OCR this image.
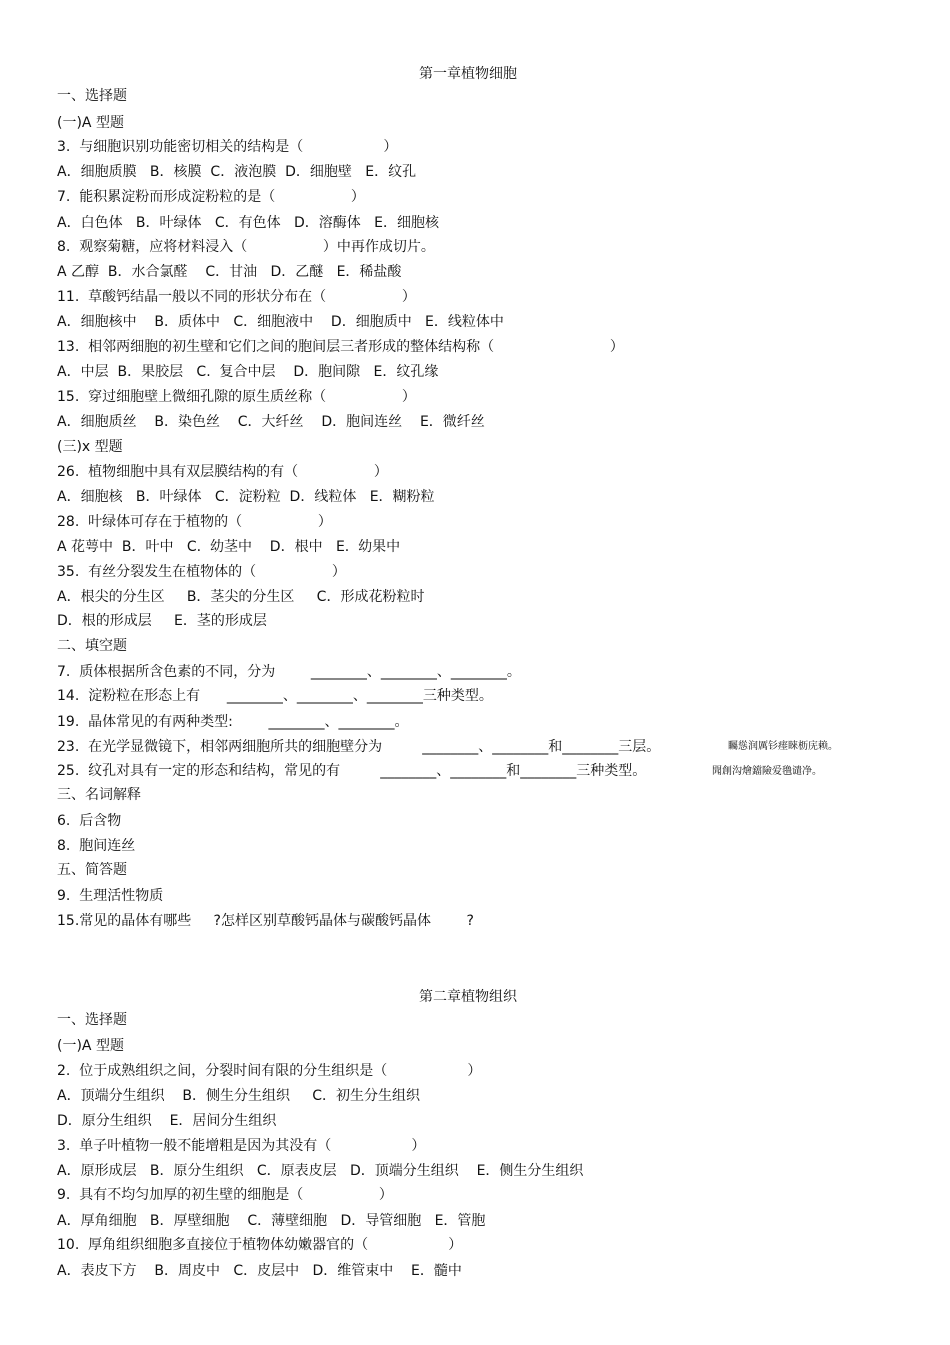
第一章植物细胞
一、选择题
(一)A 型题
3.  与细胞识别功能密切相关的结构是（                  ）
A．细胞质膜   B．核膜  C．液泡膜  D．细胞壁   E．纹孔
7.  能积累淀粉而形成淀粉粒的是（                 ）
A．白色体   B．叶绿体   C．有色体   D．溶酶体   E．细胞核
8.  观察菊糖，应将材料浸入（                 ）中再作成切片。
A 乙醇  B．水合氯醛    C．甘油   D．乙醚   E．稀盐酸
11.  草酸钙结晶一般以不同的形状分布在（                 ）
A．细胞核中    B．质体中   C．细胞液中    D．细胞质中   E．线粒体中
13.  相邻两细胞的初生壁和它们之间的胞间层三者形成的整体结构称（                          ）
A．中层  B．果胶层   C.  复合中层    D．胞间隙   E．纹孔缘
15.  穿过细胞壁上微细孔隙的原生质丝称（                 ）
A．细胞质丝    B．染色丝    C．大纤丝    D．胞间连丝    E．微纤丝
(三)x 型题
26.  植物细胞中具有双层膜结构的有（                 ）
A．细胞核   B．叶绿体   C．淀粉粒  D．线粒体   E．糊粉粒
28.  叶绿体可存在于植物的（                 ）
A 花萼中  B．叶中   C.  幼茎中    D．根中   E.  幼果中
35.  有丝分裂发生在植物体的（                 ）
A．根尖的分生区     B．茎尖的分生区     C．形成花粉粒时
D．根的形成层     E．茎的形成层
二、填空题
7.  质体根据所含色素的不同，分为        ________、________、________。
14.  淀粉粒在形态上有      ________、________、________三种类型。
19.  晶体常见的有两种类型:        ________、________。
23.  在光学显微镜下，相邻两细胞所共的细胞壁分为         ________、________和________三层。
25.  纹孔对具有一定的形态和结构，常见的有         ________、________和________三种类型。
三、名词解释
6.  后含物
8.  胞间连丝
五、简答题
9.  生理活性物质
15.常见的晶体有哪些     ?怎样区别草酸钙晶体与碳酸钙晶体        ?
矚慫润厲钐瘗睞枥庑赖。
聞創沟燴鐺險爱氇谴净。
第二章植物组织
一、选择题
(一)A 型题
2.  位于成熟组织之间，分裂时间有限的分生组织是（                  ）
A．顶端分生组织    B．侧生分生组织     C．初生分生组织
D．原分生组织    E．居间分生组织
3.  单子叶植物一般不能增粗是因为其没有（                  ）
A．原形成层   B．原分生组织   C．原表皮层   D．顶端分生组织    E．侧生分生组织
9.  具有不均匀加厚的初生壁的细胞是（                 ）
A．厚角细胞   B．厚壁细胞    C．薄壁细胞   D．导管细胞   E．管胞
10.  厚角组织细胞多直接位于植物体幼嫩器官的（                  ）
A．表皮下方    B．周皮中   C．皮层中   D．维管束中    E．髓中
